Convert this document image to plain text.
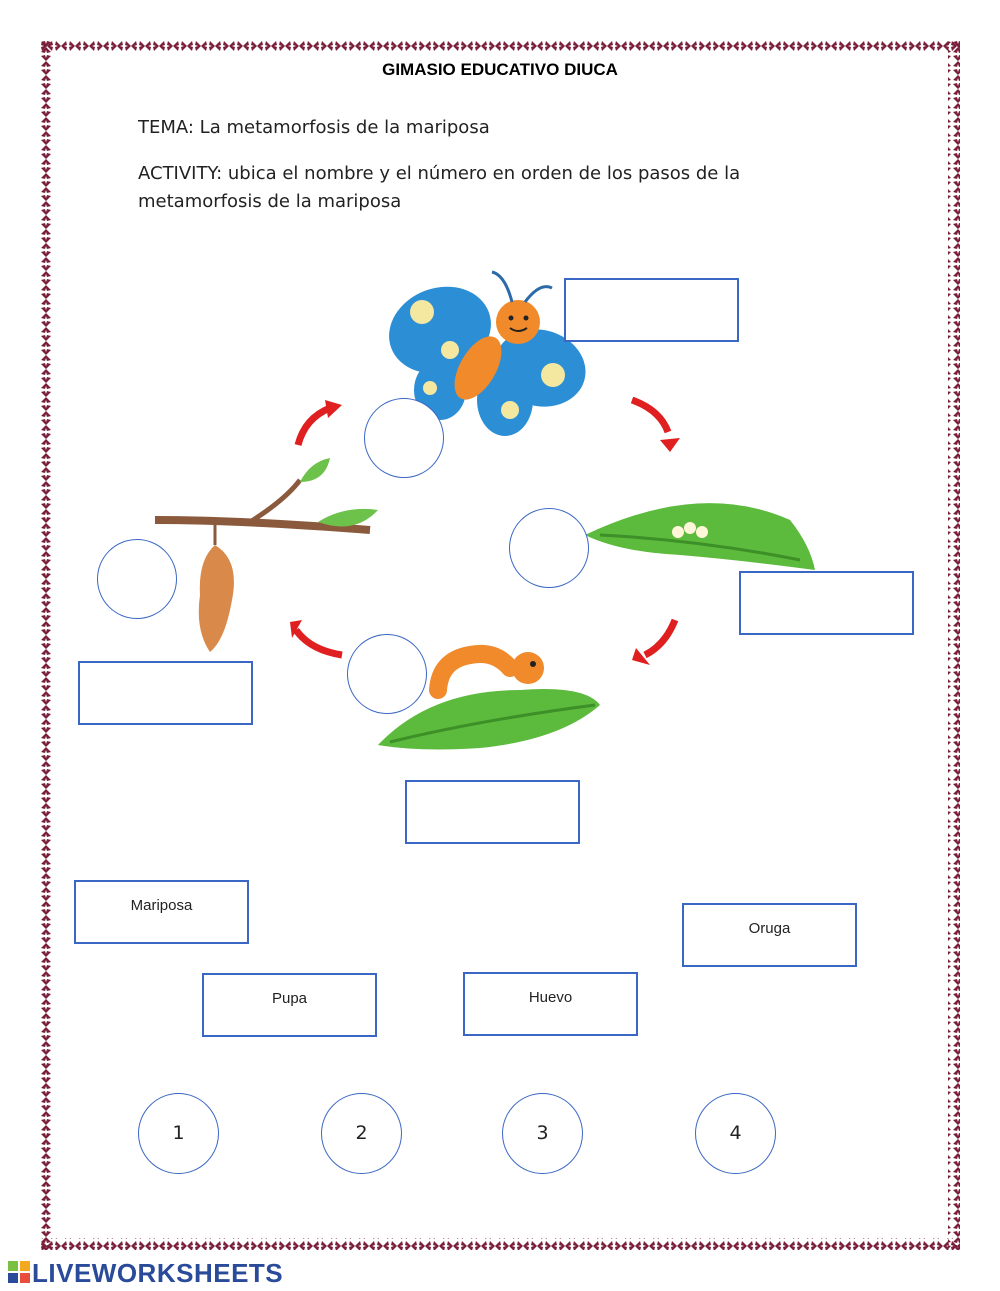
GIMASIO EDUCATIVO DIUCA
TEMA: La metamorfosis de la mariposa
ACTIVITY: ubica el nombre y el número en orden de los pasos de la metamorfosis de la mariposa
Mariposa
Oruga
Pupa	Huevo
1	2	3	4
LIVEWORKSHEETS
